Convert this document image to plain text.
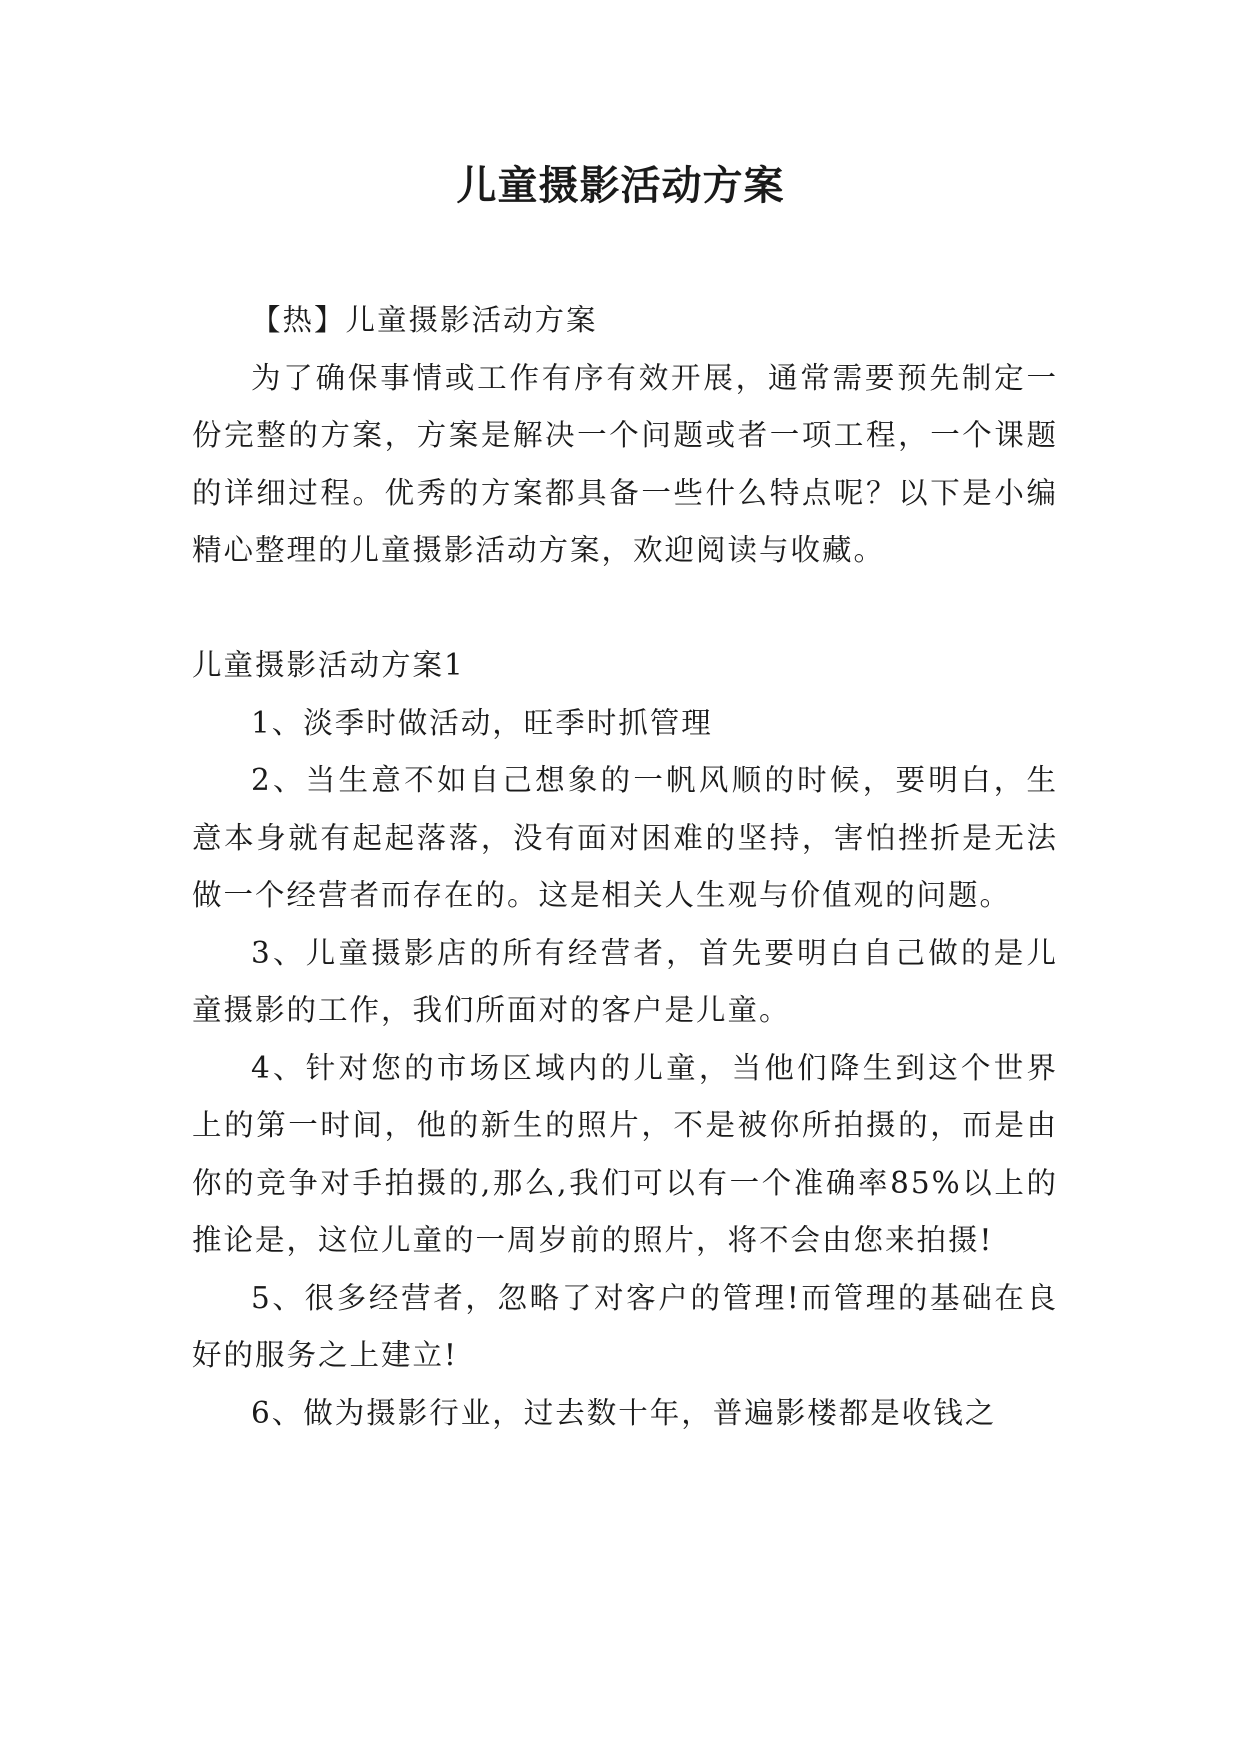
儿童摄影活动方案

【热】儿童摄影活动方案

为了确保事情或工作有序有效开展，通常需要预先制定一份完整的方案，方案是解决一个问题或者一项工程，一个课题的详细过程。优秀的方案都具备一些什么特点呢？以下是小编精心整理的儿童摄影活动方案，欢迎阅读与收藏。

儿童摄影活动方案1

1、淡季时做活动，旺季时抓管理

2、当生意不如自己想象的一帆风顺的时候，要明白，生意本身就有起起落落，没有面对困难的坚持，害怕挫折是无法做一个经营者而存在的。这是相关人生观与价值观的问题。

3、儿童摄影店的所有经营者，首先要明白自己做的是儿童摄影的工作，我们所面对的客户是儿童。

4、针对您的市场区域内的儿童，当他们降生到这个世界上的第一时间，他的新生的照片，不是被你所拍摄的，而是由你的竞争对手拍摄的,那么,我们可以有一个准确率85%以上的推论是，这位儿童的一周岁前的照片，将不会由您来拍摄!

5、很多经营者，忽略了对客户的管理!而管理的基础在良好的服务之上建立!

6、做为摄影行业，过去数十年，普遍影楼都是收钱之
